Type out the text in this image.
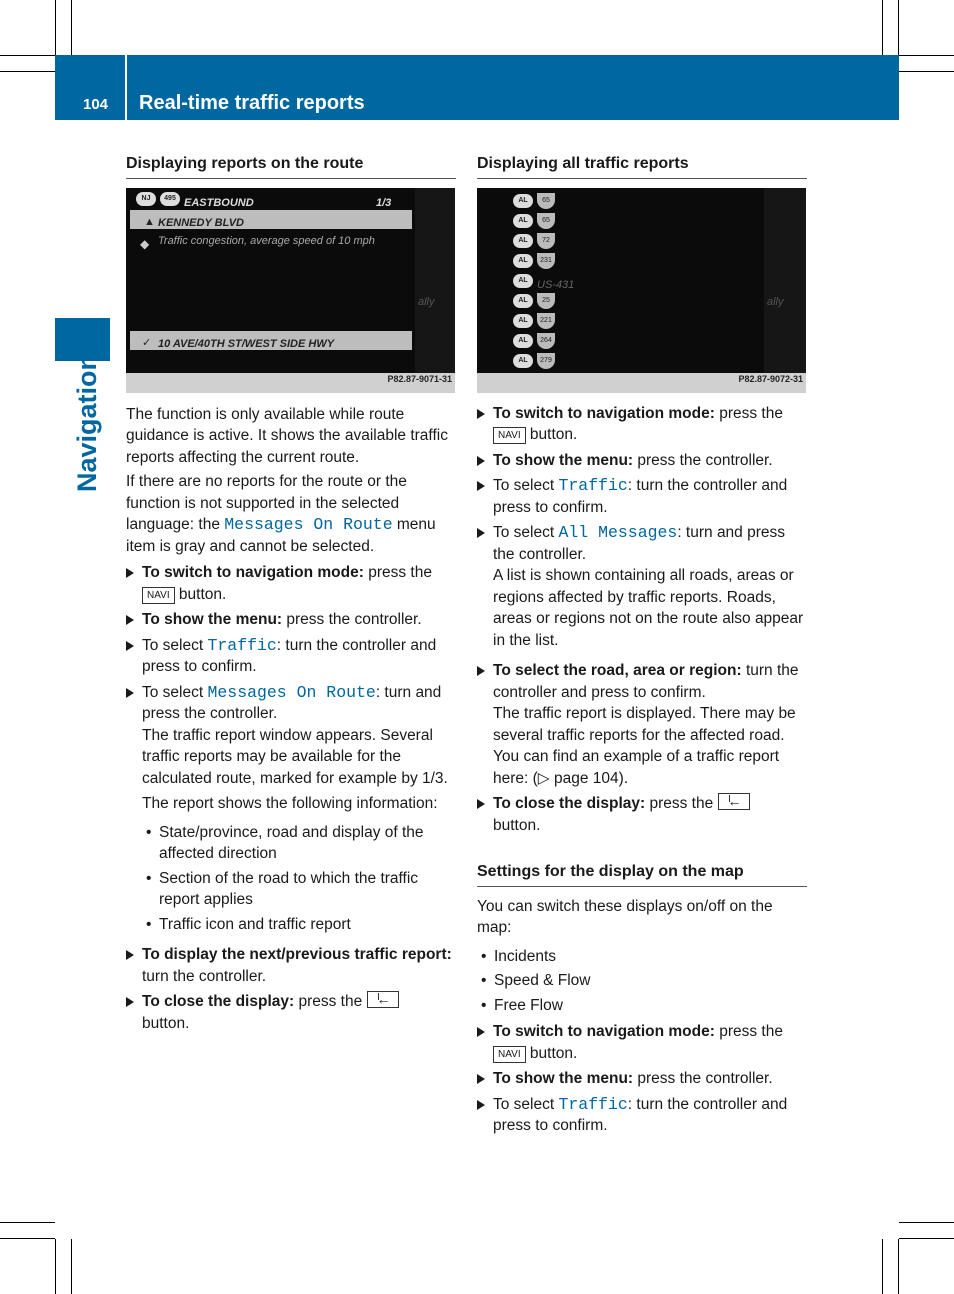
104 Real-time traffic reports
Navigation
Displaying reports on the route
NJ	495 EASTBOUND	1/3
KENNEDY BLVD
▲
◆ Traffic congestion, average speed of 10 mph
✓ 10 AVE/40TH ST/WEST SIDE HWY
ally
P82.87-9071-31

The function is only available while route guidance is active. It shows the available traffic reports affecting the current route.

If there are no reports for the route or the function is not supported in the selected language: the Messages On Route menu item is gray and cannot be selected.

To switch to navigation mode: press the
NAVI button.
To show the menu: press the controller.
To select Traffic: turn the controller and press to confirm.
To select Messages On Route: turn and press the controller.
The traffic report window appears. Several traffic reports may be available for the calculated route, marked for example by 1/3.

The report shows the following information:

• State/province, road and display of the affected direction
• Section of the road to which the traffic report applies
• Traffic icon and traffic report
To display the next/previous traffic report: turn the controller.
To close the display: press the ←
button.
Displaying all traffic reports
AL	65
AL	65
AL	72
AL	231
AL US-431
AL	25
AL	221
AL	264
AL	279
ally
P82.87-9072-31
To switch to navigation mode: press the
NAVI button.
To show the menu: press the controller.
To select Traffic: turn the controller and press to confirm.
To select All Messages: turn and press the controller.
A list is shown containing all roads, areas or regions affected by traffic reports. Roads, areas or regions not on the route also appear in the list.
To select the road, area or region: turn the controller and press to confirm.
The traffic report is displayed. There may be several traffic reports for the affected road. You can find an example of a traffic report here: (▷ page 104).
To close the display: press the ←
button.
Settings for the display on the map

You can switch these displays on/off on the map:

• Incidents
• Speed & Flow
• Free Flow
To switch to navigation mode: press the
NAVI button.
To show the menu: press the controller.
To select Traffic: turn the controller and press to confirm.
